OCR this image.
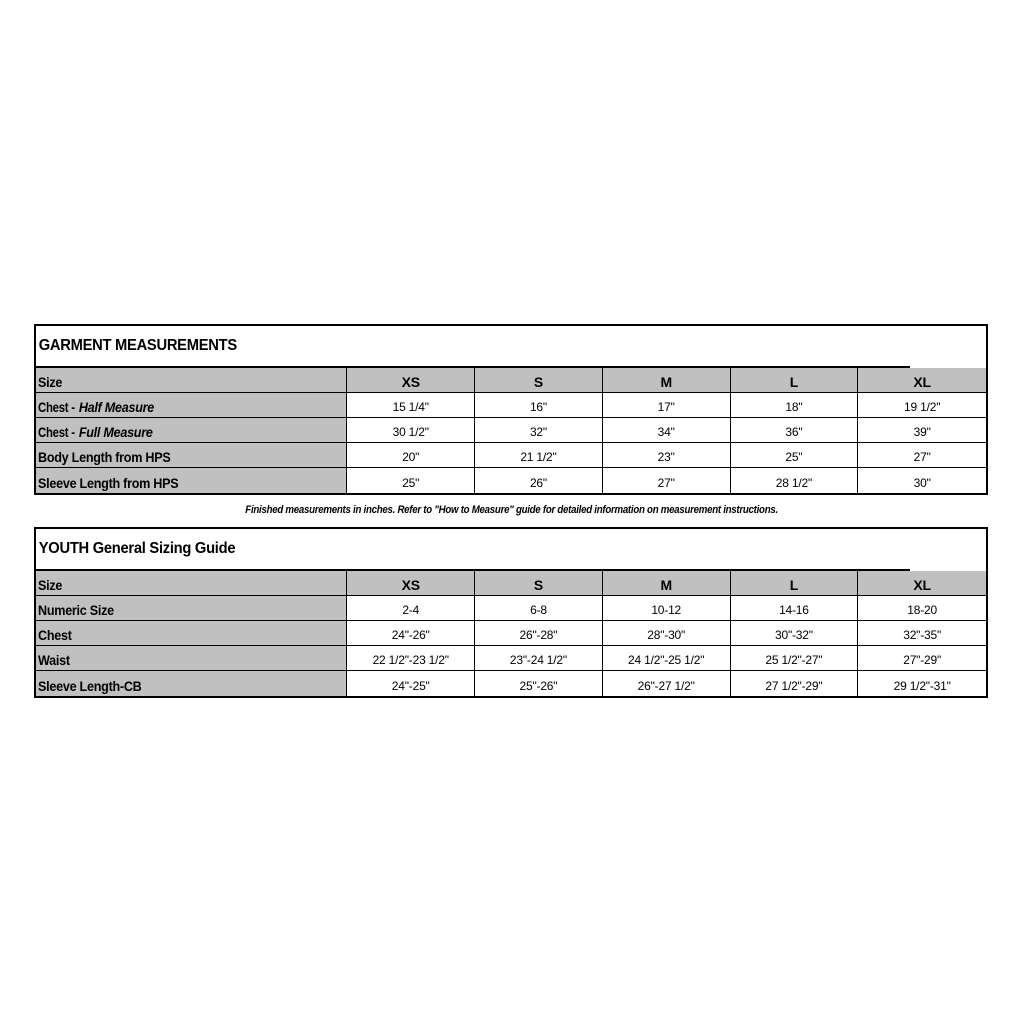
GARMENT MEASUREMENTS
Size	XS	S	M	L	XL
Chest -Half Measure	15 1/4"	16"	17"	18"	19 1/2"
Chest -Full Measure	30 1/2"	32"	34"	36"	39"
Body Length from HPS	20"	21 1/2"	23"	25"	27"
Sleeve Length from HPS	25"	26"	27"	28 1/2"	30"
Finished measurements in inches. Refer to "How to Measure" guide for detailed information on measurement instructions.
YOUTH General Sizing Guide
Size	XS	S	M	L	XL
Numeric Size	2-4	6-8	10-12	14-16	18-20
Chest	24"-26"	26"-28"	28"-30"	30"-32"	32"-35"
Waist	22 1/2"-23 1/2"	23"-24 1/2"	24 1/2"-25 1/2"	25 1/2"-27"	27"-29"
Sleeve Length-CB	24"-25"	25"-26"	26"-27 1/2"	27 1/2"-29"	29 1/2"-31"
